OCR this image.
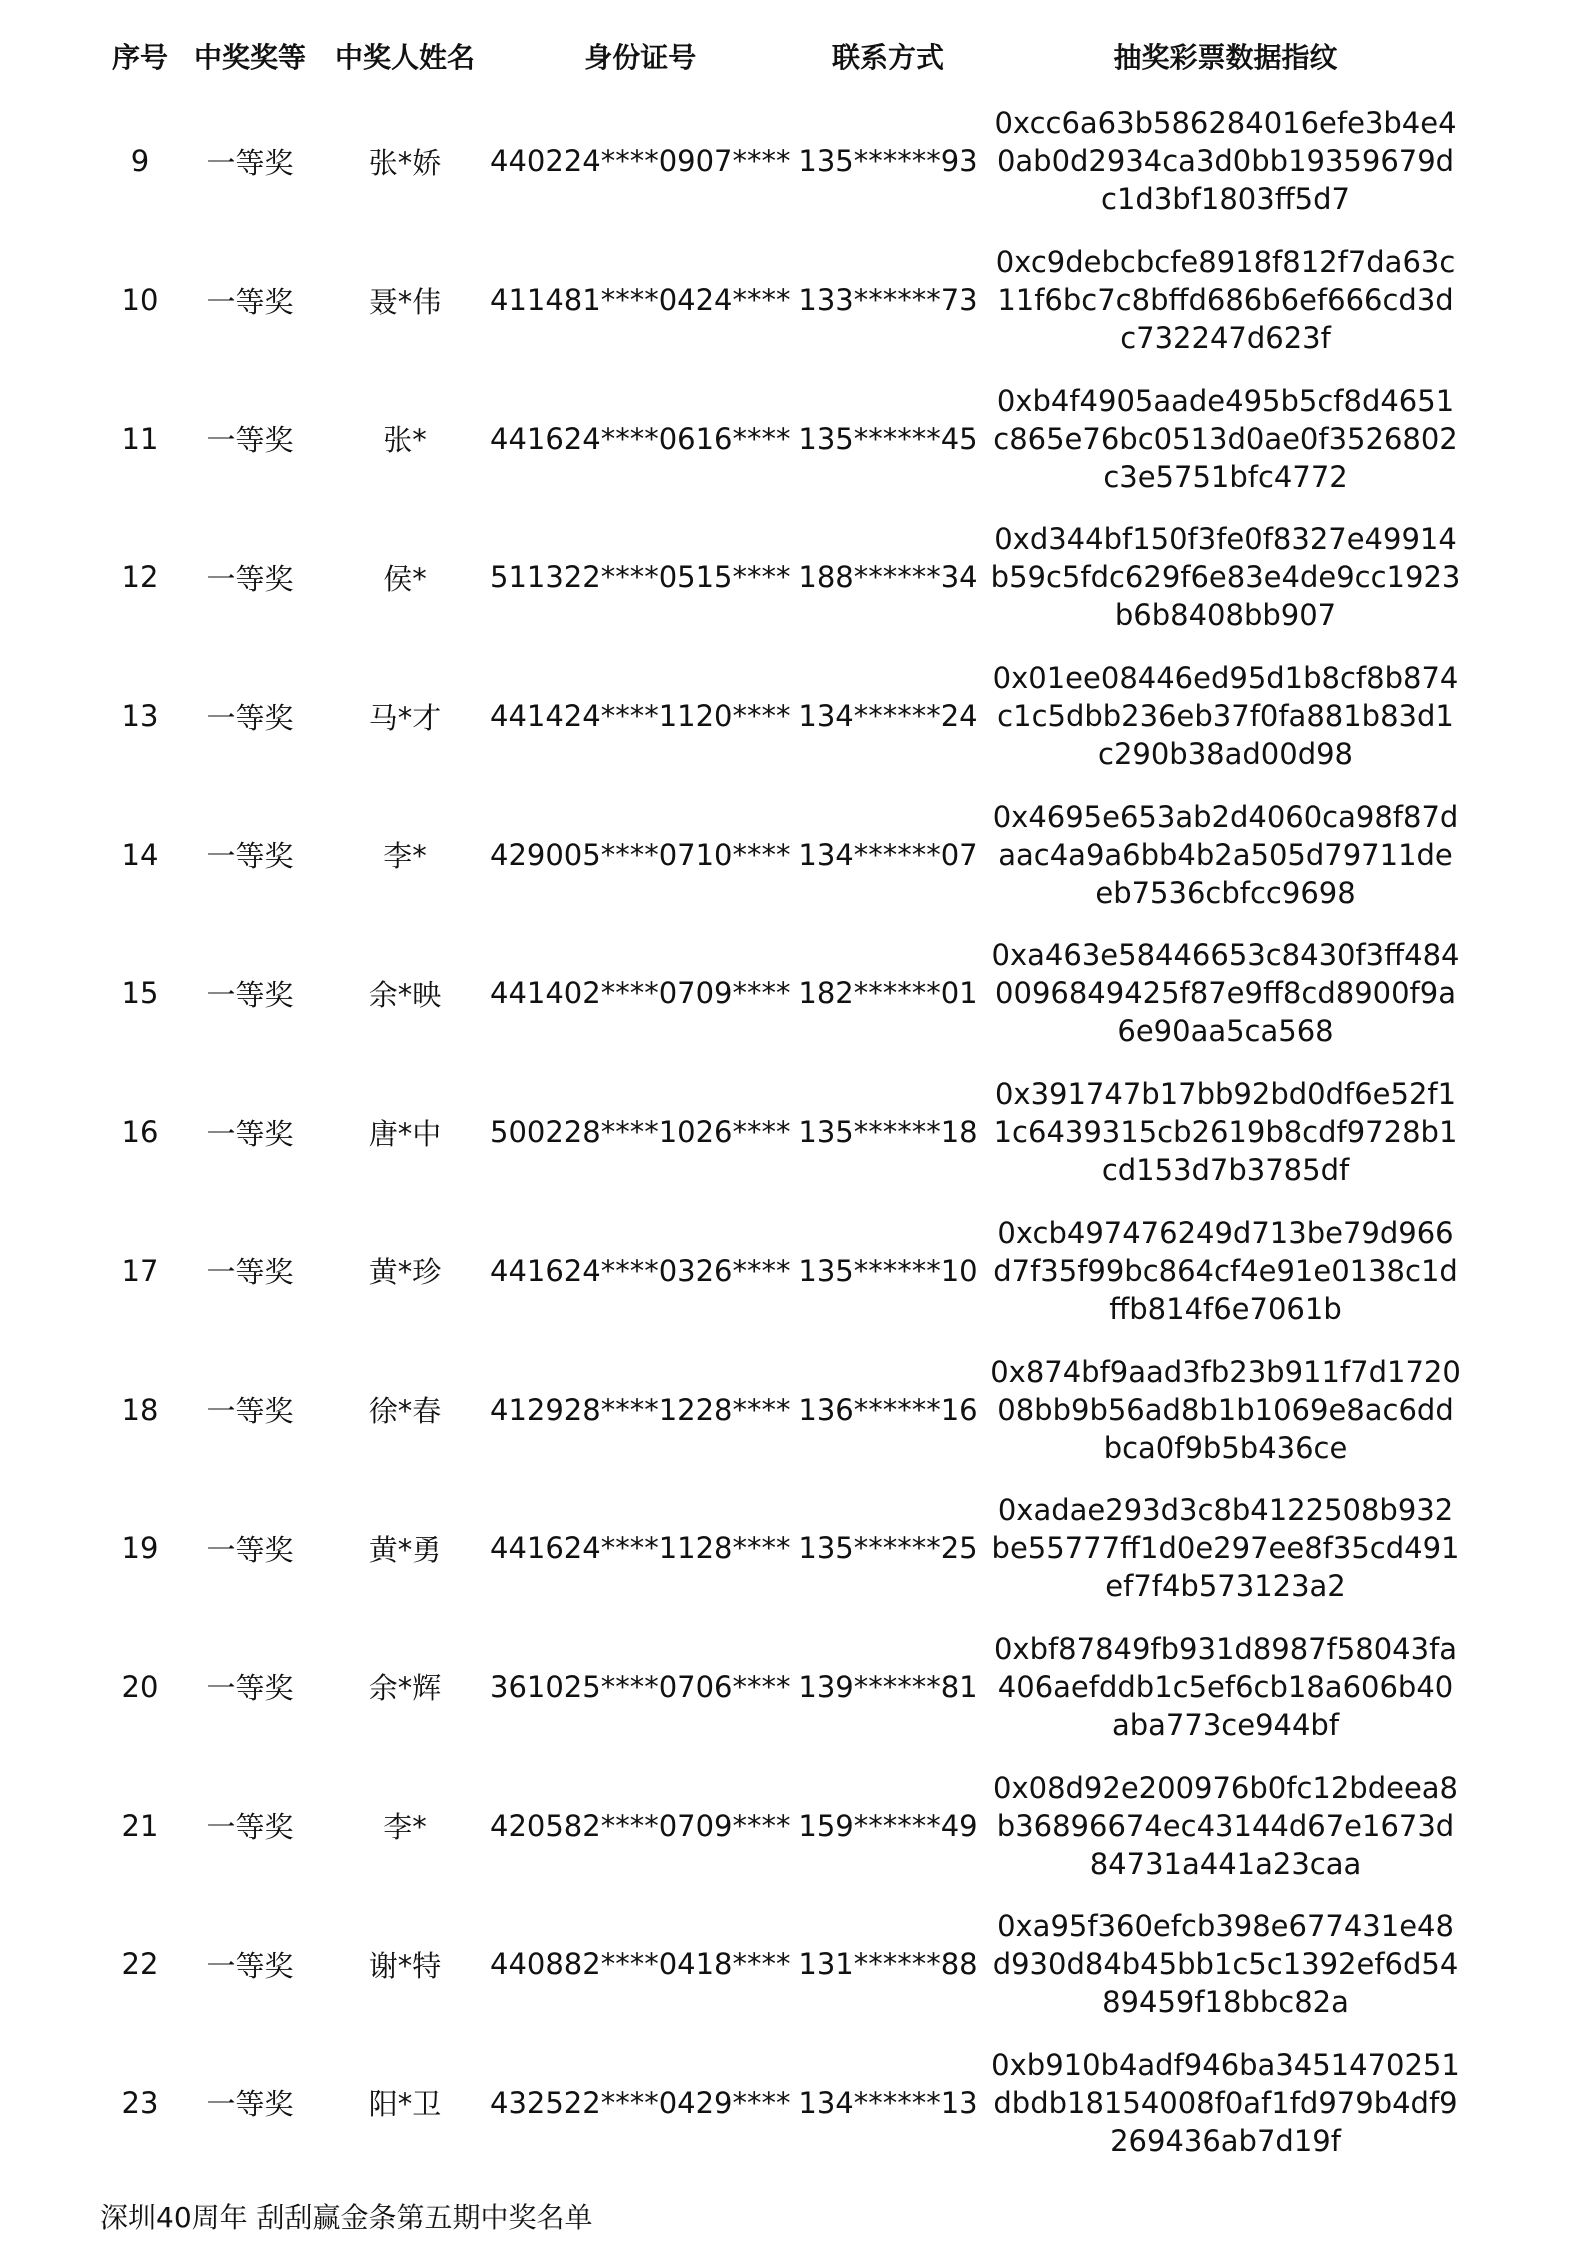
序号	中奖奖等	中奖人姓名	身份证号	联系方式	抽奖彩票数据指纹
9	一等奖	张*娇	440224****0907****	135******93	0xcc6a63b586284016efe3b4e40ab0d2934ca3d0bb19359679dc1d3bf1803ff5d7
10	一等奖	聂*伟	411481****0424****	133******73	0xc9debcbcfe8918f812f7da63c11f6bc7c8bffd686b6ef666cd3dc732247d623f
11	一等奖	张*	441624****0616****	135******45	0xb4f4905aade495b5cf8d4651c865e76bc0513d0ae0f3526802c3e5751bfc4772
12	一等奖	侯*	511322****0515****	188******34	0xd344bf150f3fe0f8327e49914b59c5fdc629f6e83e4de9cc1923b6b8408bb907
13	一等奖	马*才	441424****1120****	134******24	0x01ee08446ed95d1b8cf8b874c1c5dbb236eb37f0fa881b83d1c290b38ad00d98
14	一等奖	李*	429005****0710****	134******07	0x4695e653ab2d4060ca98f87daac4a9a6bb4b2a505d79711deeb7536cbfcc9698
15	一等奖	余*映	441402****0709****	182******01	0xa463e58446653c8430f3ff4840096849425f87e9ff8cd8900f9a6e90aa5ca568
16	一等奖	唐*中	500228****1026****	135******18	0x391747b17bb92bd0df6e52f11c6439315cb2619b8cdf9728b1cd153d7b3785df
17	一等奖	黄*珍	441624****0326****	135******10	0xcb497476249d713be79d966d7f35f99bc864cf4e91e0138c1dffb814f6e7061b
18	一等奖	徐*春	412928****1228****	136******16	0x874bf9aad3fb23b911f7d172008bb9b56ad8b1b1069e8ac6ddbca0f9b5b436ce
19	一等奖	黄*勇	441624****1128****	135******25	0xadae293d3c8b4122508b932be55777ff1d0e297ee8f35cd491ef7f4b573123a2
20	一等奖	余*辉	361025****0706****	139******81	0xbf87849fb931d8987f58043fa406aefddb1c5ef6cb18a606b40aba773ce944bf
21	一等奖	李*	420582****0709****	159******49	0x08d92e200976b0fc12bdeea8b36896674ec43144d67e1673d84731a441a23caa
22	一等奖	谢*特	440882****0418****	131******88	0xa95f360efcb398e677431e48d930d84b45bb1c5c1392ef6d5489459f18bbc82a
23	一等奖	阳*卫	432522****0429****	134******13	0xb910b4adf946ba3451470251dbdb18154008f0af1fd979b4df9269436ab7d19f
深圳40周年 刮刮赢金条第五期中奖名单
